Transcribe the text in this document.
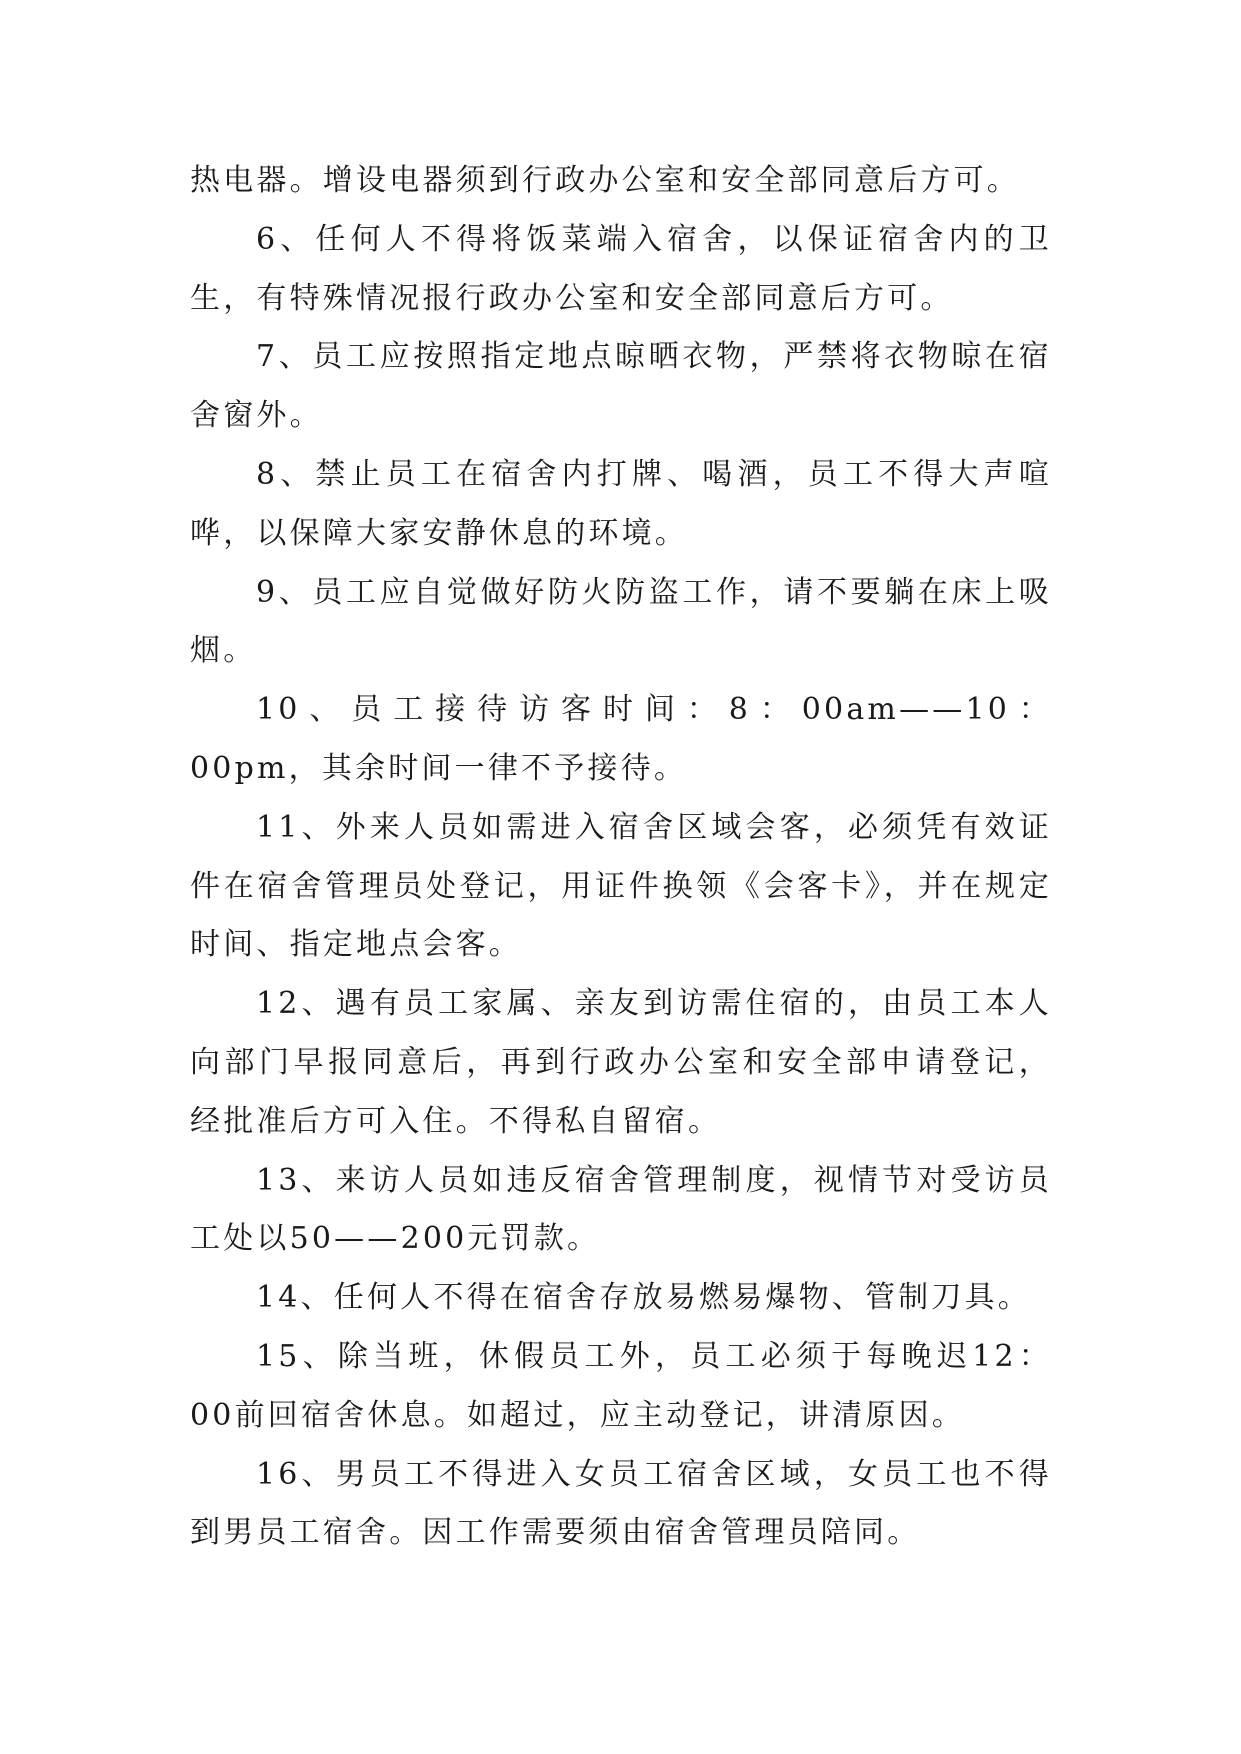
热电器。增设电器须到行政办公室和安全部同意后方可。

6、任何人不得将饭菜端入宿舍，以保证宿舍内的卫生，有特殊情况报行政办公室和安全部同意后方可。

7、员工应按照指定地点晾晒衣物，严禁将衣物晾在宿舍窗外。

8、禁止员工在宿舍内打牌、喝酒，员工不得大声喧哗，以保障大家安静休息的环境。

9、员工应自觉做好防火防盗工作，请不要躺在床上吸烟。

10、员工接待访客时间：8：00am——10：00pm，其余时间一律不予接待。

11、外来人员如需进入宿舍区域会客，必须凭有效证件在宿舍管理员处登记，用证件换领《会客卡》，并在规定时间、指定地点会客。

12、遇有员工家属、亲友到访需住宿的，由员工本人向部门早报同意后，再到行政办公室和安全部申请登记，经批准后方可入住。不得私自留宿。

13、来访人员如违反宿舍管理制度，视情节对受访员工处以50——200元罚款。

14、任何人不得在宿舍存放易燃易爆物、管制刀具。

15、除当班，休假员工外，员工必须于每晚迟12：00前回宿舍休息。如超过，应主动登记，讲清原因。

16、男员工不得进入女员工宿舍区域，女员工也不得到男员工宿舍。因工作需要须由宿舍管理员陪同。
